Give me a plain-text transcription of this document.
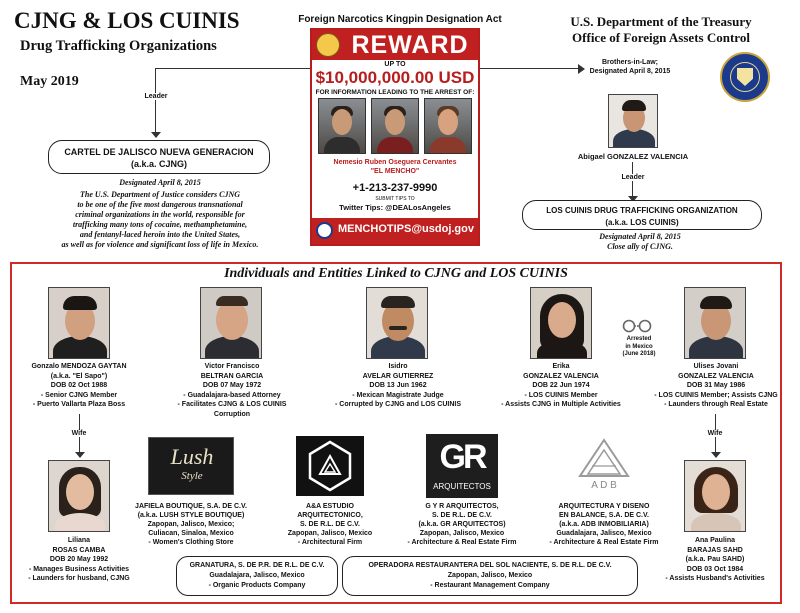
CJNG & LOS CUINIS
Drug Trafficking Organizations
May 2019
Foreign Narcotics Kingpin Designation Act	U.S. Department of the Treasury
Office of Foreign Assets Control
REWARD
UP TO
$10,000,000.00 USD
FOR INFORMATION LEADING TO THE ARREST OF:
Nemesio Ruben Oseguera Cervantes
"EL MENCHO"
+1-213-237-9990
SUBMIT TIPS TO
Twitter Tips: @DEALosAngeles
MENCHOTIPS@usdoj.gov
Leader
CARTEL DE JALISCO NUEVA GENERACION
(a.k.a. CJNG)
Designated April 8, 2015
The U.S. Department of Justice considers CJNG
to be one of the five most dangerous transnational
criminal organizations in the world, responsible for
trafficking many tons of cocaine, methamphetamine,
and fentanyl-laced heroin into the United States,
as well as for violence and significant loss of life in Mexico.
Brothers-in-Law;
Designated April 8, 2015
Abigael GONZALEZ VALENCIA
Leader
LOS CUINIS DRUG TRAFFICKING ORGANIZATION
(a.k.a. LOS CUINIS)
Designated April 8, 2015
Close ally of CJNG.
Individuals and Entities Linked to CJNG and LOS CUINIS
Gonzalo MENDOZA GAYTAN
(a.k.a. "El Sapo")
DOB 02 Oct 1988
- Senior CJNG Member
- Puerto Vallarta Plaza Boss
Victor Francisco
BELTRAN GARCIA
DOB 07 May 1972
- Guadalajara-based Attorney
- Facilitates CJNG & LOS CUINIS Corruption
Isidro
AVELAR GUTIERREZ
DOB 13 Jun 1962
- Mexican Magistrate Judge
- Corrupted by CJNG and LOS CUINIS
Erika
GONZALEZ VALENCIA
DOB 22 Jun 1974
- LOS CUINIS Member
- Assists CJNG in Multiple Activities
Arrested
in Mexico
(June 2018)
Ulises Jovani
GONZALEZ VALENCIA
DOB 31 May 1986
- LOS CUINIS Member; Assists CJNG
- Launders through Real Estate
Wife	Wife
Liliana
ROSAS CAMBA
DOB 20 May 1992
- Manages Business Activities
- Launders for husband, CJNG
Lush
Style
JAFIELA BOUTIQUE, S.A. DE C.V.
(a.k.a. LUSH STYLE BOUTIQUE)
Zapopan, Jalisco, Mexico;
Culiacan, Sinaloa, Mexico
- Women's Clothing Store
A&A ESTUDIO
ARQUITECTONICO,
S. DE R.L. DE C.V.
Zapopan, Jalisco, Mexico
- Architectural Firm
GR
ARQUITECTOS
G Y R ARQUITECTOS,
S. DE R.L. DE C.V.
(a.k.a. GR ARQUITECTOS)
Zapopan, Jalisco, Mexico
- Architecture & Real Estate Firm
A D B
ARQUITECTURA Y DISENO
EN BALANCE, S.A. DE C.V.
(a.k.a. ADB INMOBILIARIA)
Guadalajara, Jalisco, Mexico
- Architecture & Real Estate Firm	Ana Paulina
BARAJAS SAHD
(a.k.a. Pau SAHD)
DOB 03 Oct 1984
- Assists Husband's Activities
GRANATURA, S. DE P.R. DE R.L. DE C.V.
Guadalajara, Jalisco, Mexico
- Organic Products Company
OPERADORA RESTAURANTERA DEL SOL NACIENTE, S. DE R.L. DE C.V.
Zapopan, Jalisco, Mexico
- Restaurant Management Company
